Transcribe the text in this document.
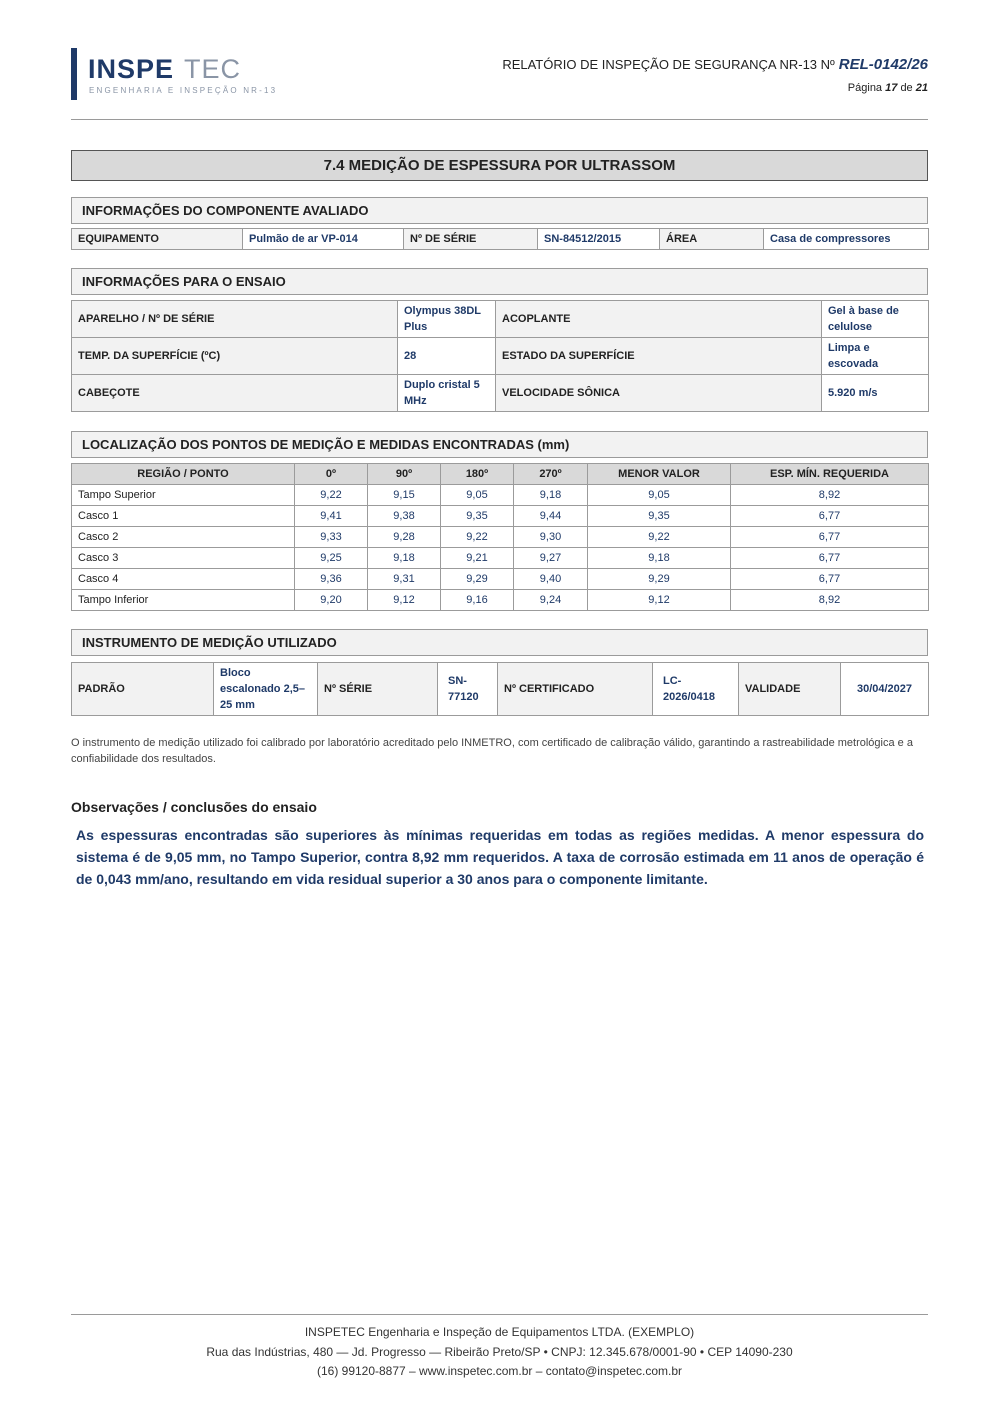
INSPE TEC
ENGENHARIA E INSPEÇÃO NR-13
RELATÓRIO DE INSPEÇÃO DE SEGURANÇA NR-13 Nº REL-0142/26
Página 17 de 21
7.4 MEDIÇÃO DE ESPESSURA POR ULTRASSOM
INFORMAÇÕES DO COMPONENTE AVALIADO
EQUIPAMENTO	Pulmão de ar VP-014	Nº DE SÉRIE	SN-84512/2015	ÁREA	Casa de compressores
INFORMAÇÕES PARA O ENSAIO
APARELHO / Nº DE SÉRIE	Olympus 38DL Plus	ACOPLANTE	Gel à base de celulose
TEMP. DA SUPERFÍCIE (ºC)	28	ESTADO DA SUPERFÍCIE	Limpa e escovada
CABEÇOTE	Duplo cristal 5 MHz	VELOCIDADE SÔNICA	5.920 m/s
LOCALIZAÇÃO DOS PONTOS DE MEDIÇÃO E MEDIDAS ENCONTRADAS (mm)
REGIÃO / PONTO	0º	90º	180º	270º	MENOR VALOR	ESP. MÍN. REQUERIDA
Tampo Superior	9,22	9,15	9,05	9,18	9,05	8,92
Casco 1	9,41	9,38	9,35	9,44	9,35	6,77
Casco 2	9,33	9,28	9,22	9,30	9,22	6,77
Casco 3	9,25	9,18	9,21	9,27	9,18	6,77
Casco 4	9,36	9,31	9,29	9,40	9,29	6,77
Tampo Inferior	9,20	9,12	9,16	9,24	9,12	8,92
INSTRUMENTO DE MEDIÇÃO UTILIZADO
PADRÃO	Bloco escalonado 2,5–25 mm	Nº SÉRIE	SN-77120	Nº CERTIFICADO	LC-2026/0418	VALIDADE	30/04/2027
O instrumento de medição utilizado foi calibrado por laboratório acreditado pelo INMETRO, com certificado de calibração válido, garantindo a rastreabilidade metrológica e a confiabilidade dos resultados.
Observações / conclusões do ensaio
As espessuras encontradas são superiores às mínimas requeridas em todas as regiões medidas. A menor espessura do sistema é de 9,05 mm, no Tampo Superior, contra 8,92 mm requeridos. A taxa de corrosão estimada em 11 anos de operação é de 0,043 mm/ano, resultando em vida residual superior a 30 anos para o componente limitante.
INSPETEC Engenharia e Inspeção de Equipamentos LTDA. (EXEMPLO)
Rua das Indústrias, 480 — Jd. Progresso — Ribeirão Preto/SP • CNPJ: 12.345.678/0001-90 • CEP 14090-230
(16) 99120-8877 – www.inspetec.com.br – contato@inspetec.com.br
